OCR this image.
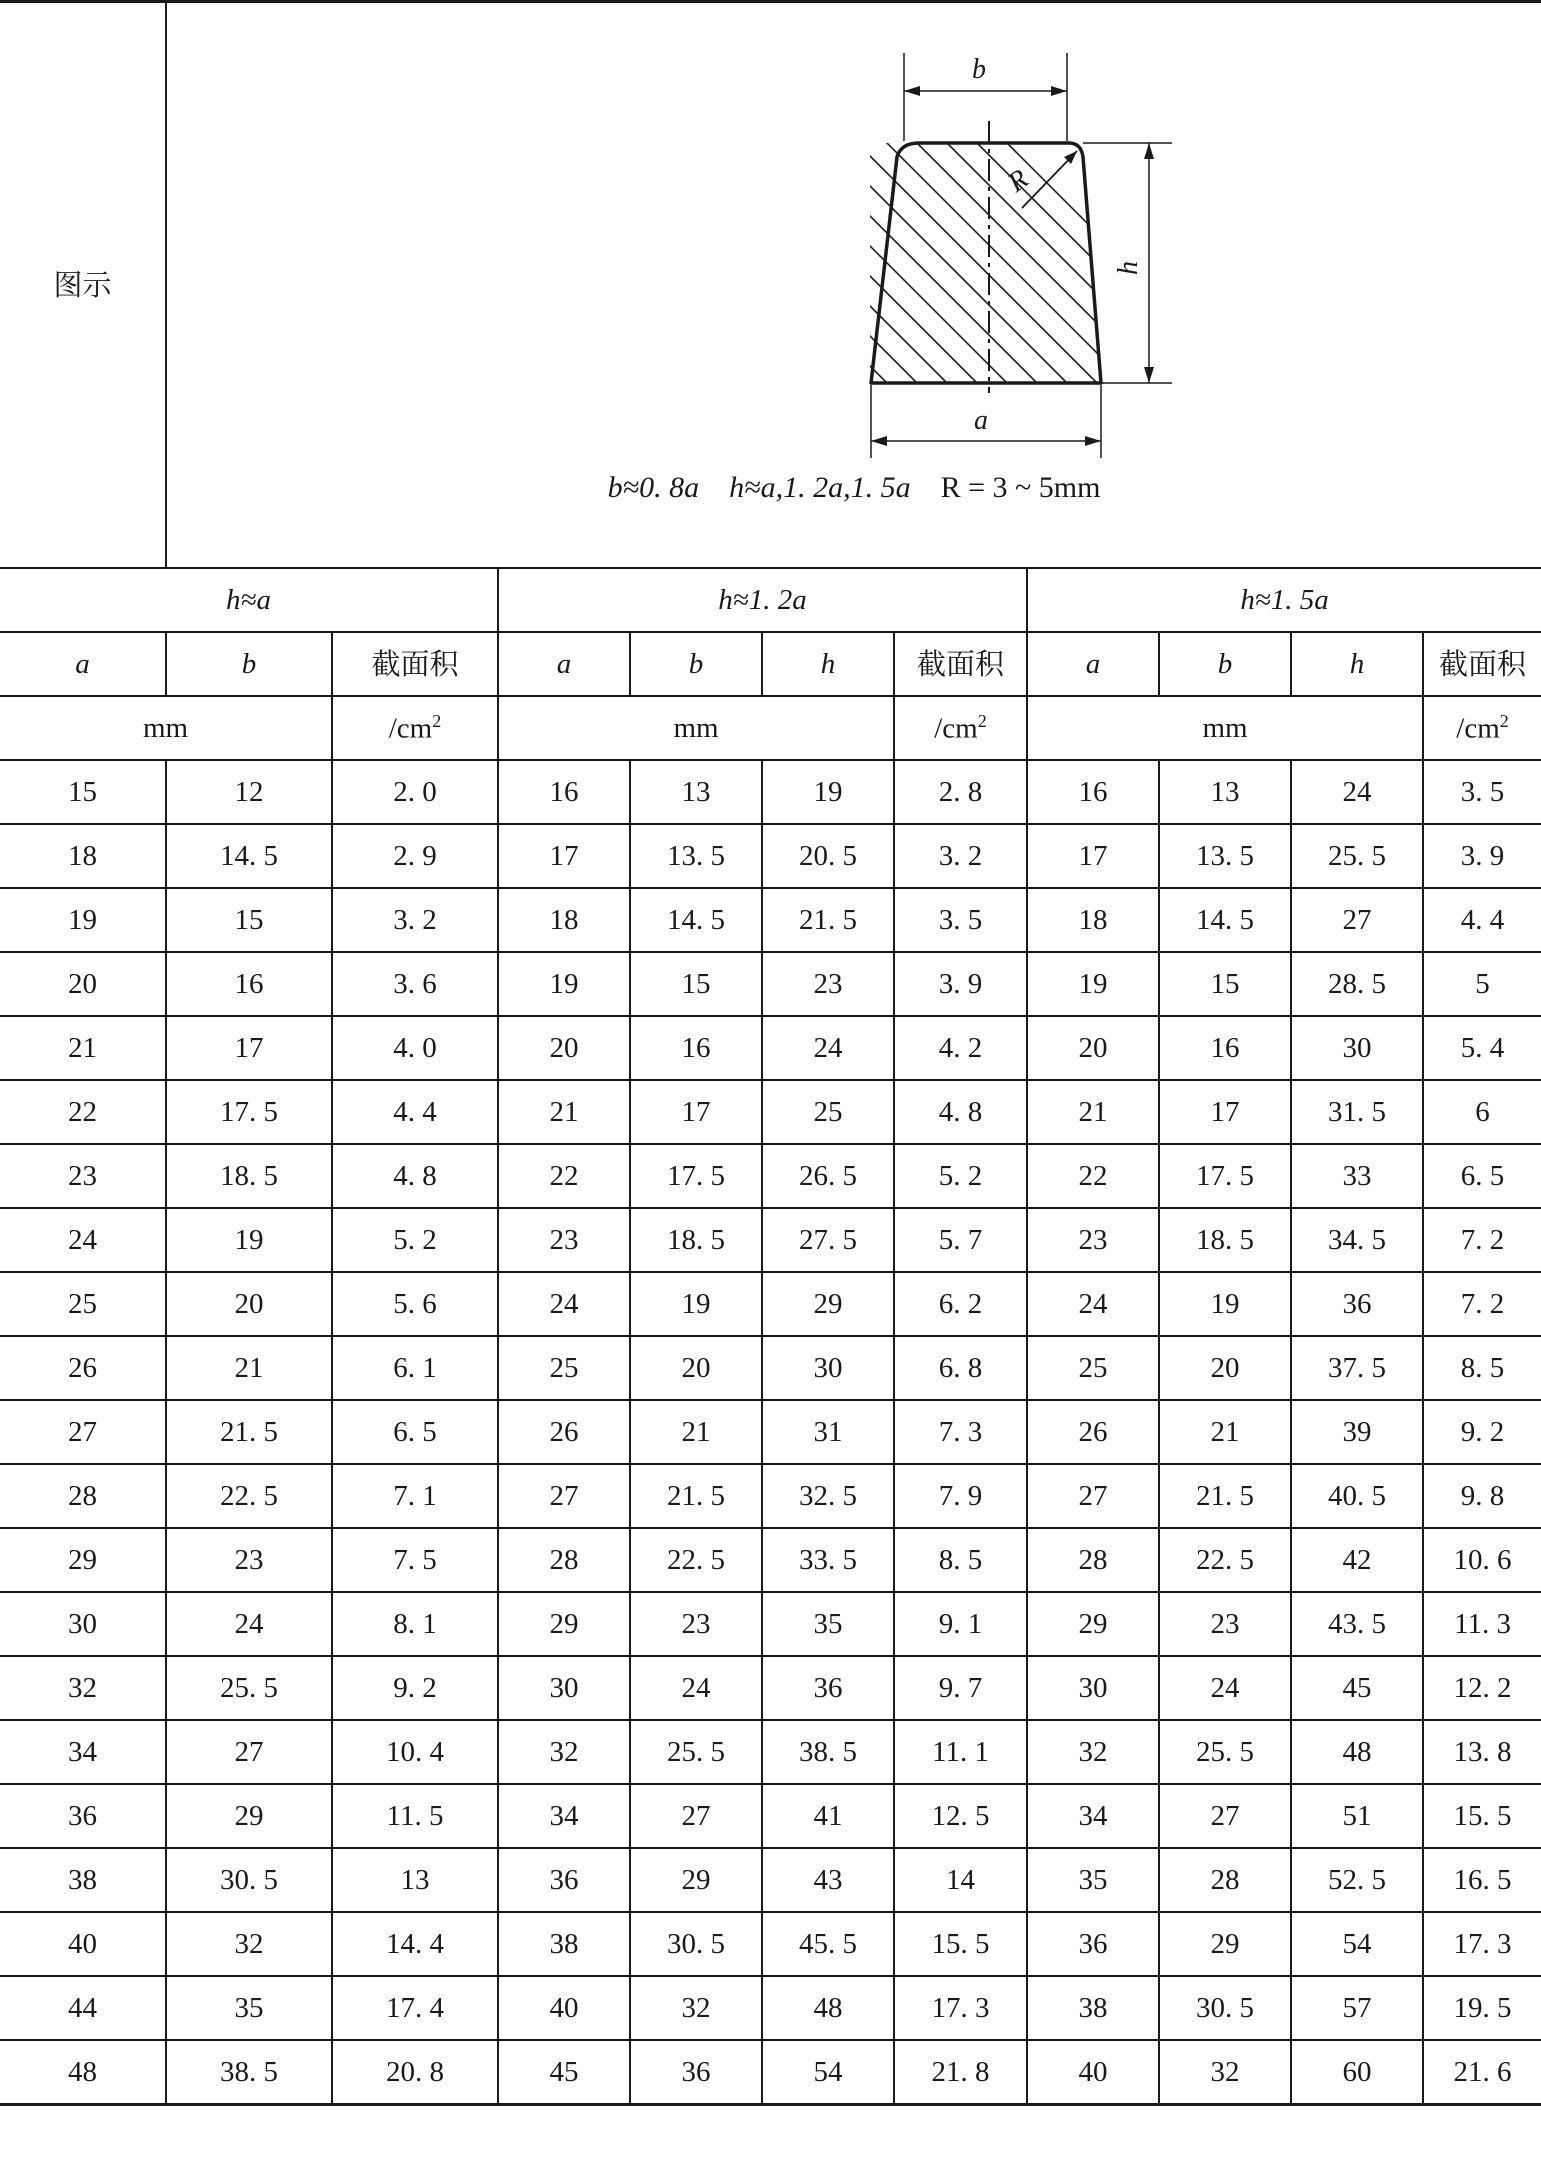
图示	b
a
h
R
b≈0. 8a h≈a,1. 2a,1. 5a R = 3 ~ 5mm									

h≈a			h≈1. 2a				h≈1. 5a			
a	b	截面积	a	b	h	截面积	a	b	h	截面积
mm		$/cm^2$	mm			$/cm^2$	mm			$/cm^2$
15	12	2. 0	16	13	19	2. 8	16	13	24	3. 5
18	14. 5	2. 9	17	13. 5	20. 5	3. 2	17	13. 5	25. 5	3. 9
19	15	3. 2	18	14. 5	21. 5	3. 5	18	14. 5	27	4. 4
20	16	3. 6	19	15	23	3. 9	19	15	28. 5	5
21	17	4. 0	20	16	24	4. 2	20	16	30	5. 4
22	17. 5	4. 4	21	17	25	4. 8	21	17	31. 5	6
23	18. 5	4. 8	22	17. 5	26. 5	5. 2	22	17. 5	33	6. 5
24	19	5. 2	23	18. 5	27. 5	5. 7	23	18. 5	34. 5	7. 2
25	20	5. 6	24	19	29	6. 2	24	19	36	7. 2
26	21	6. 1	25	20	30	6. 8	25	20	37. 5	8. 5
27	21. 5	6. 5	26	21	31	7. 3	26	21	39	9. 2
28	22. 5	7. 1	27	21. 5	32. 5	7. 9	27	21. 5	40. 5	9. 8
29	23	7. 5	28	22. 5	33. 5	8. 5	28	22. 5	42	10. 6
30	24	8. 1	29	23	35	9. 1	29	23	43. 5	11. 3
32	25. 5	9. 2	30	24	36	9. 7	30	24	45	12. 2
34	27	10. 4	32	25. 5	38. 5	11. 1	32	25. 5	48	13. 8
36	29	11. 5	34	27	41	12. 5	34	27	51	15. 5
38	30. 5	13	36	29	43	14	35	28	52. 5	16. 5
40	32	14. 4	38	30. 5	45. 5	15. 5	36	29	54	17. 3
44	35	17. 4	40	32	48	17. 3	38	30. 5	57	19. 5
48	38. 5	20. 8	45	36	54	21. 8	40	32	60	21. 6
